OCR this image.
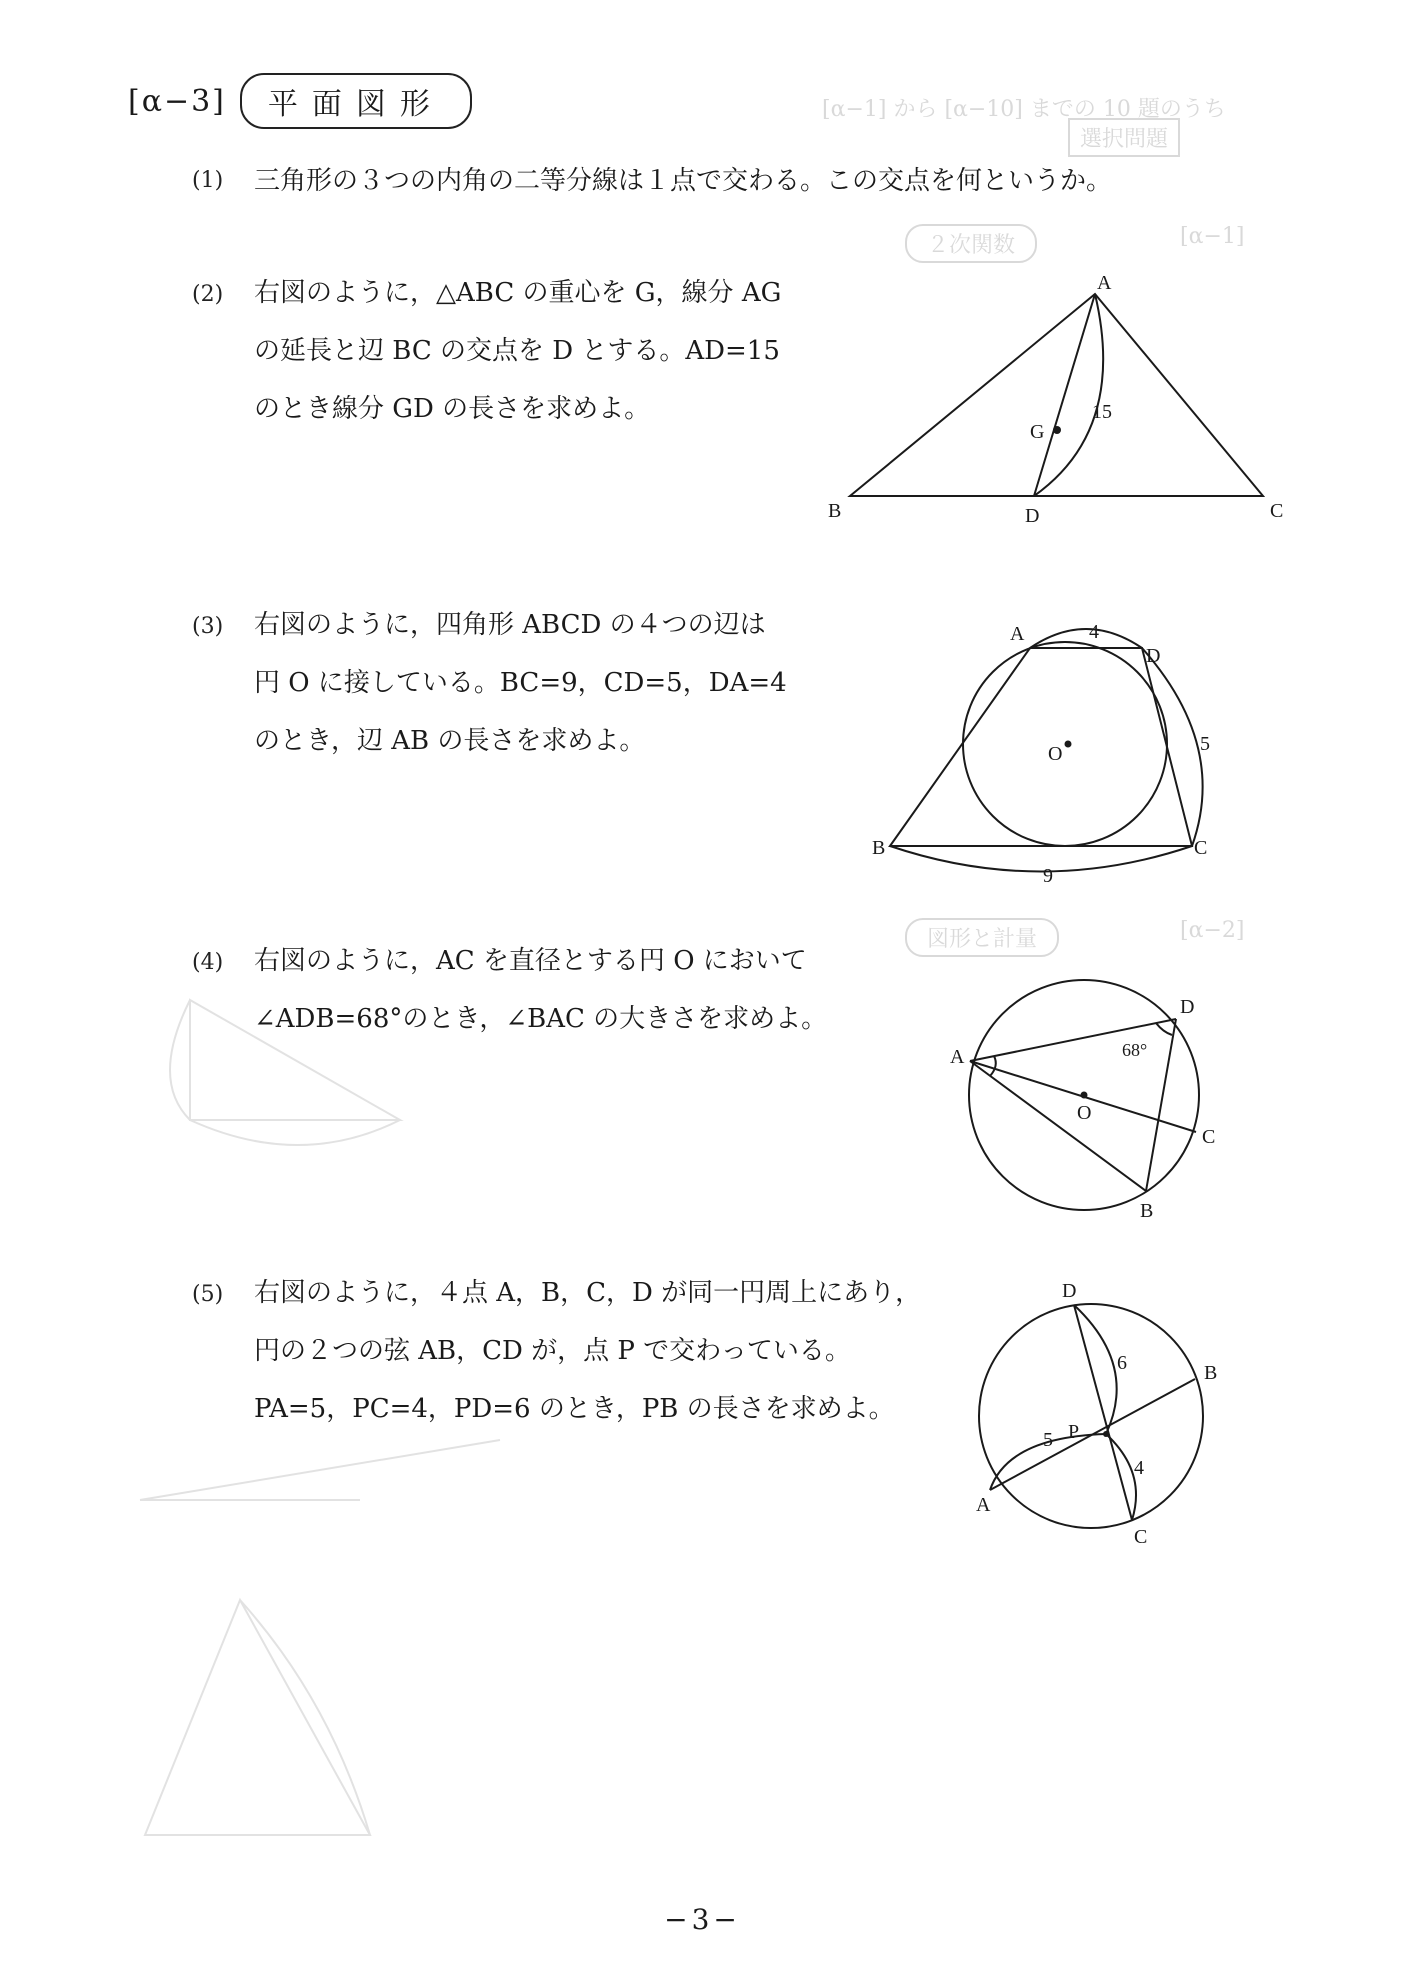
[α−1] から [α−10] までの 10 題のうち
選択問題
[α−1]
２次関数
[α−2]
図形と計量
[α−3]	平面図形
(1) 三角形の３つの内角の二等分線は１点で交わる。この交点を何というか。
(2) 右図のように，△ABC の重心を G，線分 AG
の延長と辺 BC の交点を D とする。AD=15
のとき線分 GD の長さを求めよ。
A
B	C
D
G
15
(3) 右図のように，四角形 ABCD の４つの辺は
円 O に接している。BC=9，CD=5，DA=4
のとき，辺 AB の長さを求めよ。
A
D
B	C
O
4
5
9
(4) 右図のように，AC を直径とする円 O において
∠ADB=68°のとき，∠BAC の大きさを求めよ。	D
A
C
B
O
68°
(5) 右図のように，４点 A，B，C，D が同一円周上にあり，
円の２つの弦 AB，CD が，点 P で交わっている。
PA=5，PC=4，PD=6 のとき，PB の長さを求めよ。
D
B
A
C
P
5
6
4
−3−
